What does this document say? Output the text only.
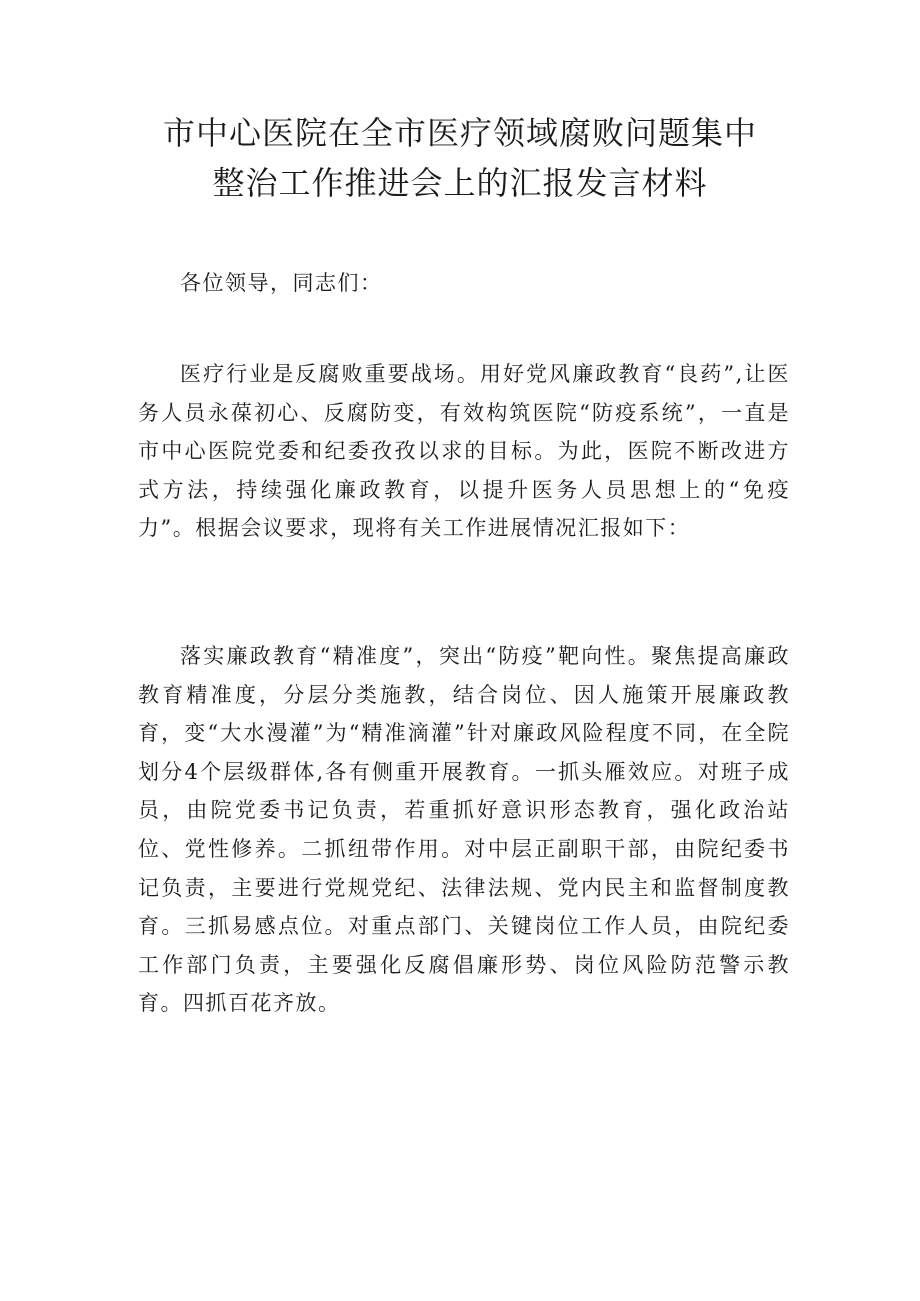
市中心医院在全市医疗领域腐败问题集中
整治工作推进会上的汇报发言材料

各位领导，同志们：

医疗行业是反腐败重要战场。用好党风廉政教育“良药”,让医务人员永葆初心、反腐防变，有效构筑医院“防疫系统”，一直是市中心医院党委和纪委孜孜以求的目标。为此，医院不断改进方式方法，持续强化廉政教育，以提升医务人员思想上的“免疫力”。根据会议要求，现将有关工作进展情况汇报如下：

落实廉政教育“精准度”，突出“防疫”靶向性。聚焦提高廉政教育精准度，分层分类施教，结合岗位、因人施策开展廉政教育，变“大水漫灌”为“精准滴灌”针对廉政风险程度不同，在全院划分4个层级群体,各有侧重开展教育。一抓头雁效应。对班子成员，由院党委书记负责，若重抓好意识形态教育，强化政治站位、党性修养。二抓纽带作用。对中层正副职干部，由院纪委书记负责，主要进行党规党纪、法律法规、党内民主和监督制度教育。三抓易感点位。对重点部门、关键岗位工作人员，由院纪委工作部门负责，主要强化反腐倡廉形势、岗位风险防范警示教育。四抓百花齐放。
